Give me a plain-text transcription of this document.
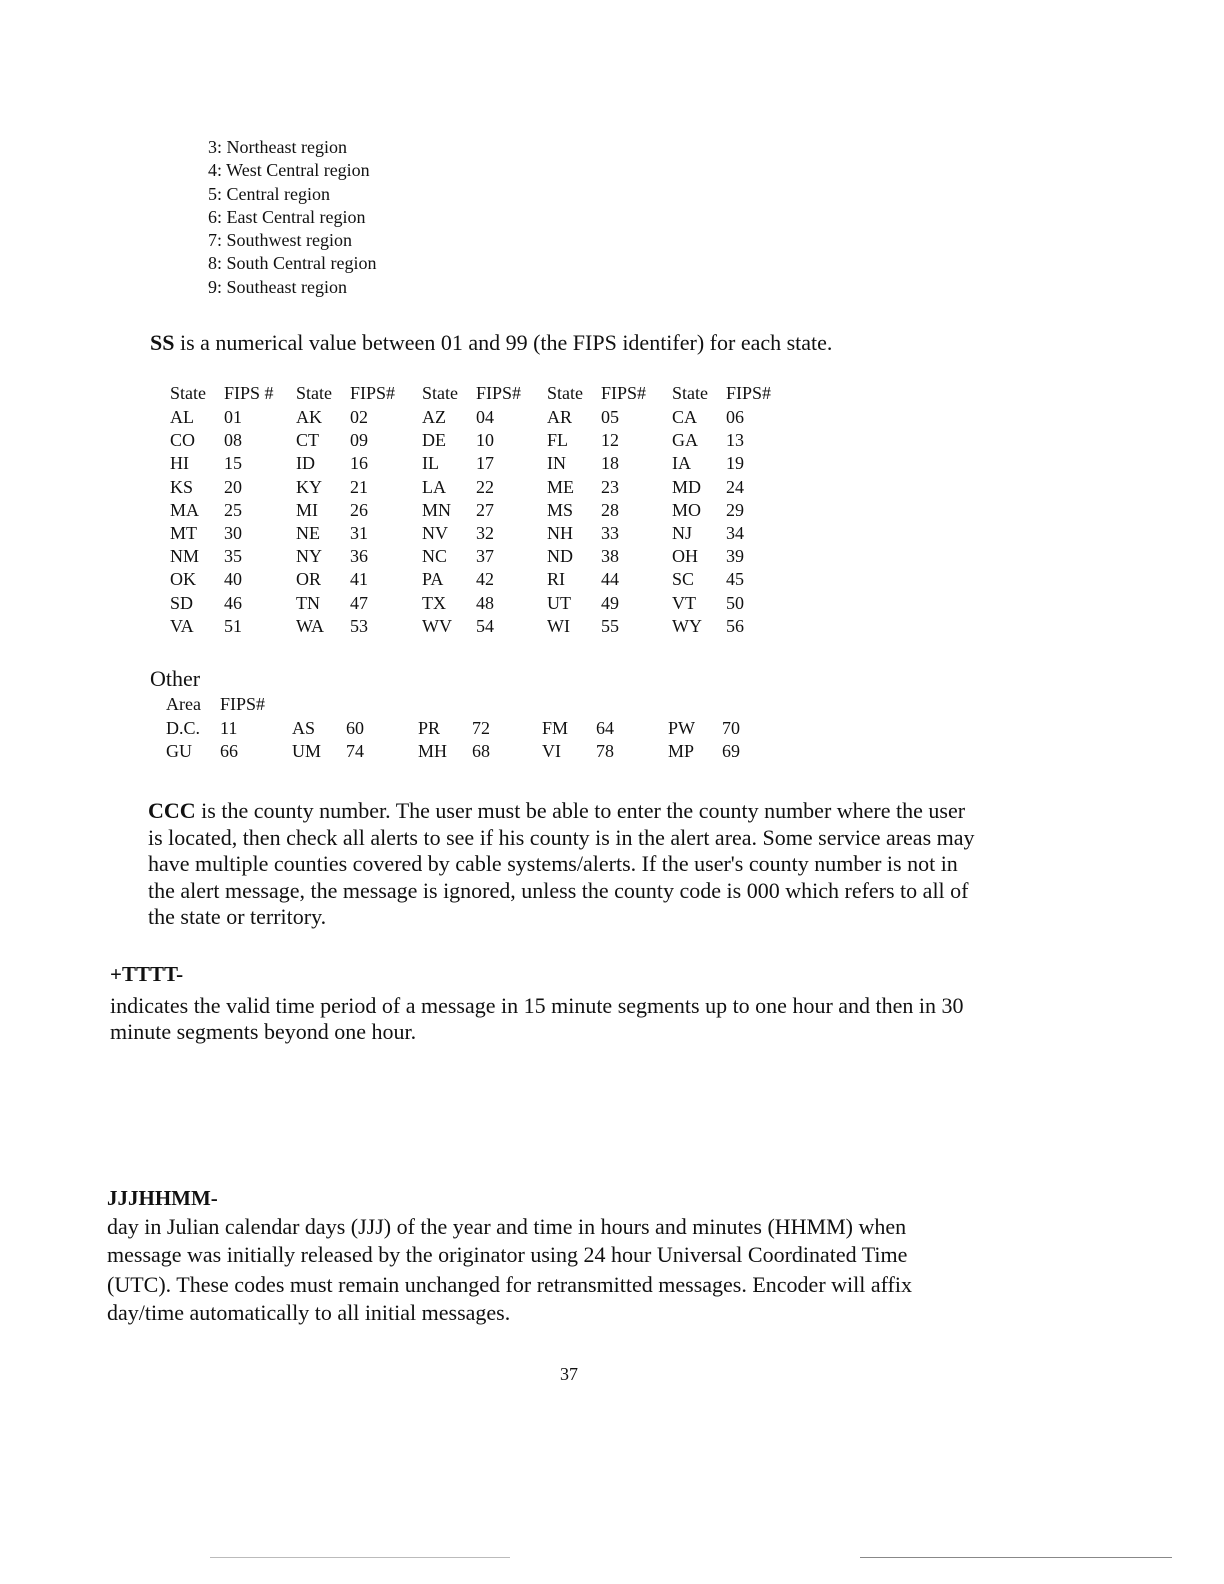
3: Northeast region
4: West Central region
5: Central region
6: East Central region
7: Southwest region
8: South Central region
9: Southeast region
SS is a numerical value between 01 and 99 (the FIPS identifer) for each state.
State FIPS # State FIPS# State FIPS# State FIPS# State FIPS#
AL 01	AK 02	AZ 04	AR 05	CA 06
CO 08	CT 09	DE 10	FL 12	GA 13
HI 15	ID 16	IL 17	IN 18	IA 19
KS 20	KY 21	LA 22	ME 23	MD 24
MA 25	MI 26	MN 27	MS 28	MO 29
MT 30	NE 31	NV 32	NH 33	NJ 34
NM 35	NY 36	NC 37	ND 38	OH 39
OK 40	OR 41	PA 42	RI 44	SC 45
SD 46	TN 47	TX 48	UT 49	VT 50
VA 51	WA 53	WV 54	WI 55	WY 56
Other
Area FIPS#
D.C. 11	AS 60	PR 72	FM 64	PW 70
GU 66	UM 74	MH 68	VI 78	MP 69
CCC is the county number. The user must be able to enter the county number where the user
is located, then check all alerts to see if his county is in the alert area. Some service areas may
have multiple counties covered by cable systems/alerts. If the user's county number is not in
the alert message, the message is ignored, unless the county code is 000 which refers to all of
the state or territory.
+TTTT-
indicates the valid time period of a message in 15 minute segments up to one hour and then in 30
minute segments beyond one hour.
JJJHHMM-
day in Julian calendar days (JJJ) of the year and time in hours and minutes (HHMM) when
message was initially released by the originator using 24 hour Universal Coordinated Time
(UTC). These codes must remain unchanged for retransmitted messages. Encoder will affix
day/time automatically to all initial messages.
37
